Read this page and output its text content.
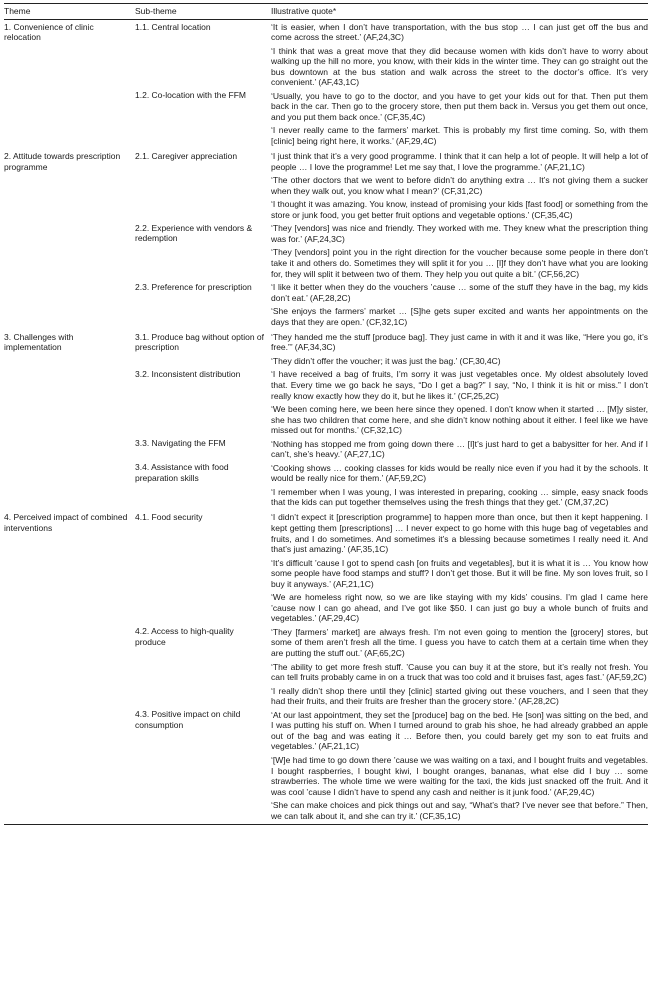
Theme	Sub-theme	Illustrative quote*
1. Convenience of clinic relocation	1.1. Central location	‘It is easier, when I don’t have transportation, with the bus stop … I can just get off the bus and come across the street.’ (AF,24,3C)
		‘I think that was a great move that they did because women with kids don’t have to worry about walking up the hill no more, you know, with their kids in the winter time. They can go straight out the bus downtown at the bus station and walk across the street to the doctor’s office. It’s very convenient.’ (AF,43,1C)
	1.2. Co-location with the FFM	‘Usually, you have to go to the doctor, and you have to get your kids out for that. Then put them back in the car. Then go to the grocery store, then put them back in. Versus you get them out once, and you put them back once.’ (CF,35,4C)
		‘I never really came to the farmers’ market. This is probably my first time coming. So, with them [clinic] being right here, it works.’ (AF,29,4C)
2. Attitude towards prescription programme	2.1. Caregiver appreciation	‘I just think that it’s a very good programme. I think that it can help a lot of people. It will help a lot of people … I love the programme! Let me say that, I love the programme.’ (AF,21,1C)
		‘The other doctors that we went to before didn’t do anything extra … It’s not giving them a sucker when they walk out, you know what I mean?’ (CF,31,2C)
		‘I thought it was amazing. You know, instead of promising your kids [fast food] or something from the store or junk food, you get better fruit options and vegetable options.’ (CF,35,4C)
	2.2. Experience with vendors & redemption	‘They [vendors] was nice and friendly. They worked with me. They knew what the prescription thing was for.’ (AF,24,3C)
		‘They [vendors] point you in the right direction for the voucher because some people in there don’t take it and others do. Sometimes they will split it for you … [I]f they don’t have what you are looking for, they will split it between two of them. They help you out quite a bit.’ (CF,56,2C)
	2.3. Preference for prescription	‘I like it better when they do the vouchers ’cause … some of the stuff they have in the bag, my kids don’t eat.’ (AF,28,2C)
		‘She enjoys the farmers’ market … [S]he gets super excited and wants her appointments on the days that they are open.’ (CF,32,1C)
3. Challenges with implementation	3.1. Produce bag without option of prescription	‘They handed me the stuff [produce bag]. They just came in with it and it was like, “Here you go, it’s free.”’ (AF,34,3C)
		‘They didn’t offer the voucher; it was just the bag.’ (CF,30,4C)
	3.2. Inconsistent distribution	‘I have received a bag of fruits, I’m sorry it was just vegetables once. My oldest absolutely loved that. Every time we go back he says, “Do I get a bag?” I say, “No, I think it is hit or miss.” I don’t really know exactly how they do it, but he likes it.’ (CF,25,2C)
		‘We been coming here, we been here since they opened. I don’t know when it started … [M]y sister, she has two children that come here, and she didn’t know nothing about it either. I feel like we have missed out for months.’ (CF,32,1C)
	3.3. Navigating the FFM	‘Nothing has stopped me from going down there … [I]t’s just hard to get a babysitter for her. And if I can’t, she’s heavy.’ (AF,27,1C)
	3.4. Assistance with food preparation skills	‘Cooking shows … cooking classes for kids would be really nice even if you had it by the schools. It would be really nice for them.’ (AF,59,2C)
		‘I remember when I was young, I was interested in preparing, cooking … simple, easy snack foods that the kids can put together themselves using the fresh things that they get.’ (CM,37,2C)
4. Perceived impact of combined interventions	4.1. Food security	‘I didn’t expect it [prescription programme] to happen more than once, but then it kept happening. I kept getting them [prescriptions] … I never expect to go home with this huge bag of vegetables and fruits, and I do sometimes. And sometimes it’s a blessing because sometimes I really need it. And that’s just amazing.’ (AF,35,1C)
		‘It’s difficult ’cause I got to spend cash [on fruits and vegetables], but it is what it is … You know how some people have food stamps and stuff? I don’t get those. But it will be fine. My son loves fruit, so I buy it anyways.’ (AF,21,1C)
		‘We are homeless right now, so we are like staying with my kids’ cousins. I’m glad I came here ’cause now I can go ahead, and I’ve got like $50. I can just go buy a whole bunch of fruits and vegetables.’ (AF,29,4C)
	4.2. Access to high-quality produce	‘They [farmers’ market] are always fresh. I’m not even going to mention the [grocery] stores, but some of them aren’t fresh all the time. I guess you have to catch them at a certain time when they are putting the stuff out.’ (AF,65,2C)
		‘The ability to get more fresh stuff. ’Cause you can buy it at the store, but it’s really not fresh. You can tell fruits probably came in on a truck that was too cold and it bruises fast, ages fast.’ (AF,59,2C)
		‘I really didn’t shop there until they [clinic] started giving out these vouchers, and I seen that they had their fruits, and their fruits are fresher than the grocery store.’ (AF,28,2C)
	4.3. Positive impact on child consumption	‘At our last appointment, they set the [produce] bag on the bed. He [son] was sitting on the bed, and I was putting his stuff on. When I turned around to grab his shoe, he had already grabbed an apple out of the bag and was eating it … Before then, you could barely get my son to eat fruits and vegetables.’ (AF,21,1C)
		‘[W]e had time to go down there ’cause we was waiting on a taxi, and I bought fruits and vegetables. I bought raspberries, I bought kiwi, I bought oranges, bananas, what else did I buy … some strawberries. The whole time we were waiting for the taxi, the kids just snacked off the fruit. And it was cool ’cause I didn’t have to spend any cash and neither is it junk food.’ (AF,29,4C)
		‘She can make choices and pick things out and say, “What’s that? I’ve never see that before.” Then, we can talk about it, and she can try it.’ (CF,35,1C)
